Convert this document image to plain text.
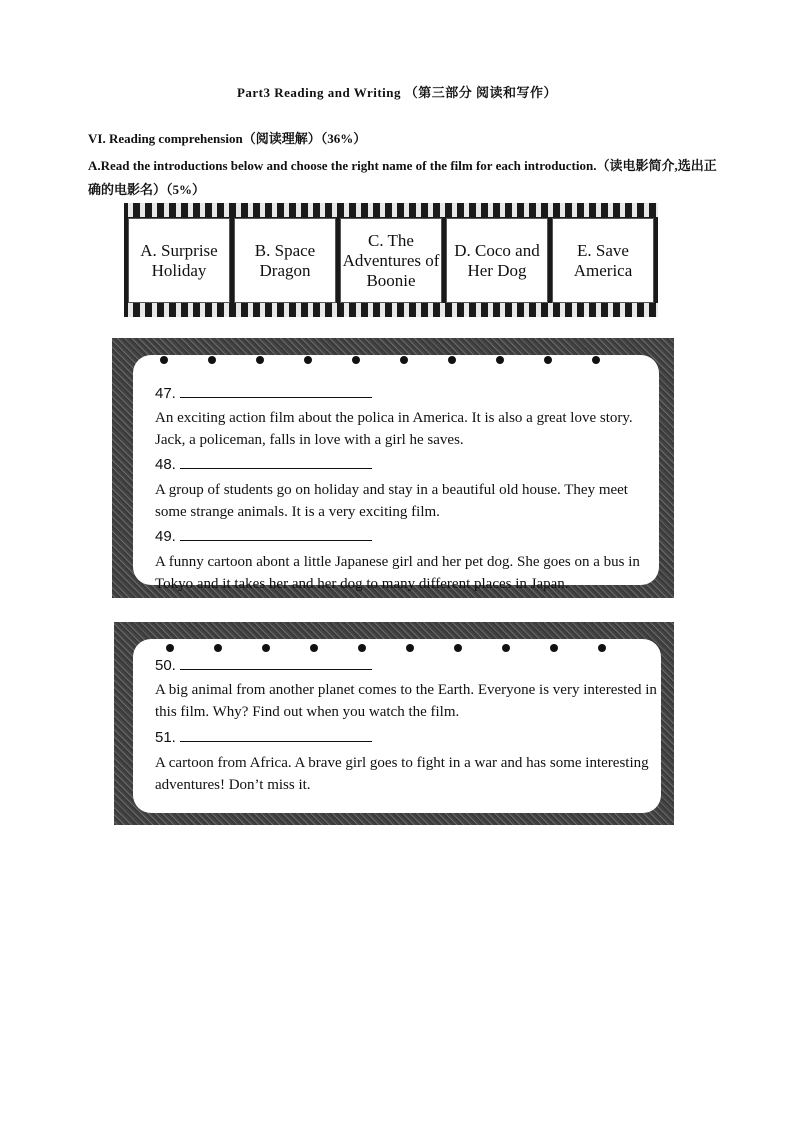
Part3 Reading and Writing （第三部分 阅读和写作）
VI. Reading comprehension（阅读理解）（36%）
A.Read the introductions below and choose the right name of the film for each introduction.（读电影简介,选出正确的电影名）（5%）
A. Surprise Holiday
B. Space Dragon
C. The Adventures of Boonie
D. Coco and Her Dog
E. Save America
47.
An exciting action film about the polica in America. It is also a great love story. Jack, a policeman, falls in love with a girl he saves.
48.
A group of students go on holiday and stay in a beautiful old house. They meet some strange animals. It is a very exciting film.
49.
A funny cartoon abont a little Japanese girl and her pet dog. She goes on a bus in Tokyo and it takes her and her dog to many different places in Japan.
50.
A big animal from another planet comes to the Earth. Everyone is very interested in this film. Why? Find out when you watch the film.
51.
A cartoon from Africa. A brave girl goes to fight in a war and has some interesting adventures! Don’t miss it.
